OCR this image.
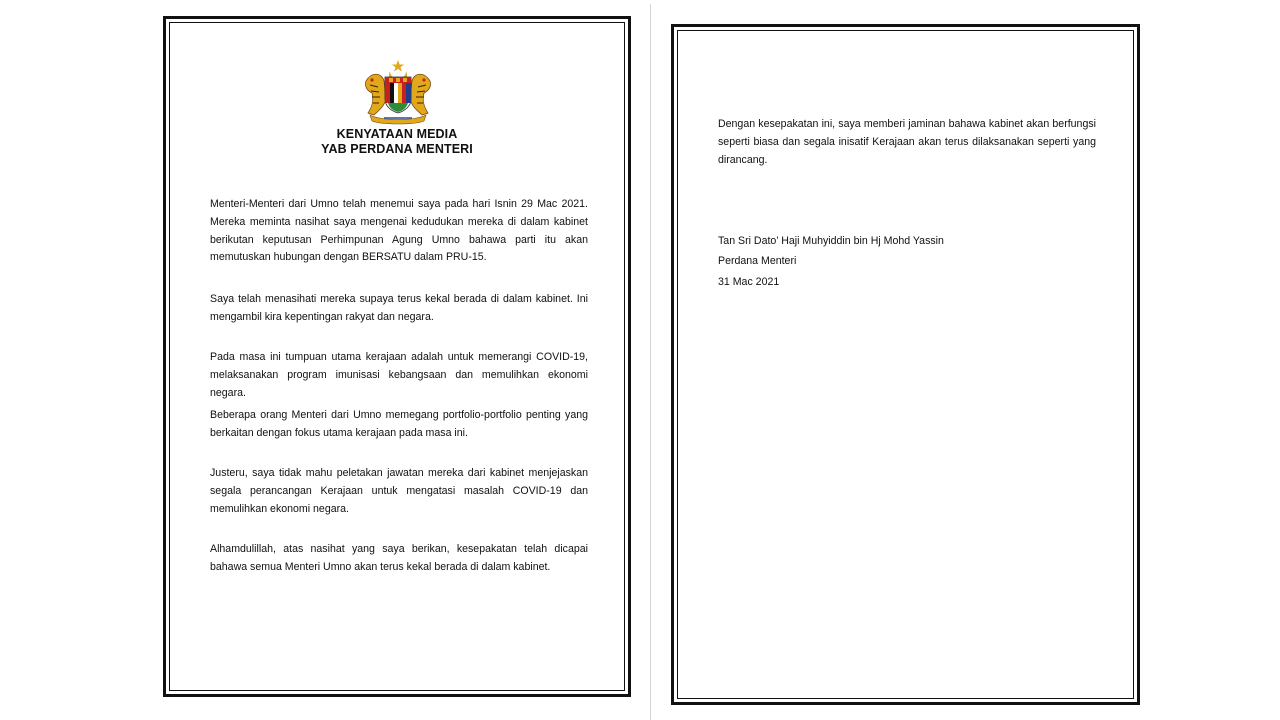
KENYATAAN MEDIA
YAB PERDANA MENTERI

Menteri-Menteri dari Umno telah menemui saya pada hari Isnin 29 Mac 2021. Mereka meminta nasihat saya mengenai kedudukan mereka di dalam kabinet berikutan keputusan Perhimpunan Agung Umno bahawa parti itu akan memutuskan hubungan dengan BERSATU dalam PRU-15.

Saya telah menasihati mereka supaya terus kekal berada di dalam kabinet. Ini mengambil kira kepentingan rakyat dan negara.

Pada masa ini tumpuan utama kerajaan adalah untuk memerangi COVID-19, melaksanakan program imunisasi kebangsaan dan memulihkan ekonomi negara.

Beberapa orang Menteri dari Umno memegang portfolio-portfolio penting yang berkaitan dengan fokus utama kerajaan pada masa ini.

Justeru, saya tidak mahu peletakan jawatan mereka dari kabinet menjejaskan segala perancangan Kerajaan untuk mengatasi masalah COVID-19 dan memulihkan ekonomi negara.

Alhamdulillah, atas nasihat yang saya berikan, kesepakatan telah dicapai bahawa semua Menteri Umno akan terus kekal berada di dalam kabinet.

Dengan kesepakatan ini, saya memberi jaminan bahawa kabinet akan berfungsi seperti biasa dan segala inisatif Kerajaan akan terus dilaksanakan seperti yang dirancang.

Tan Sri Dato’ Haji Muhyiddin bin Hj Mohd Yassin
Perdana Menteri
31 Mac 2021
